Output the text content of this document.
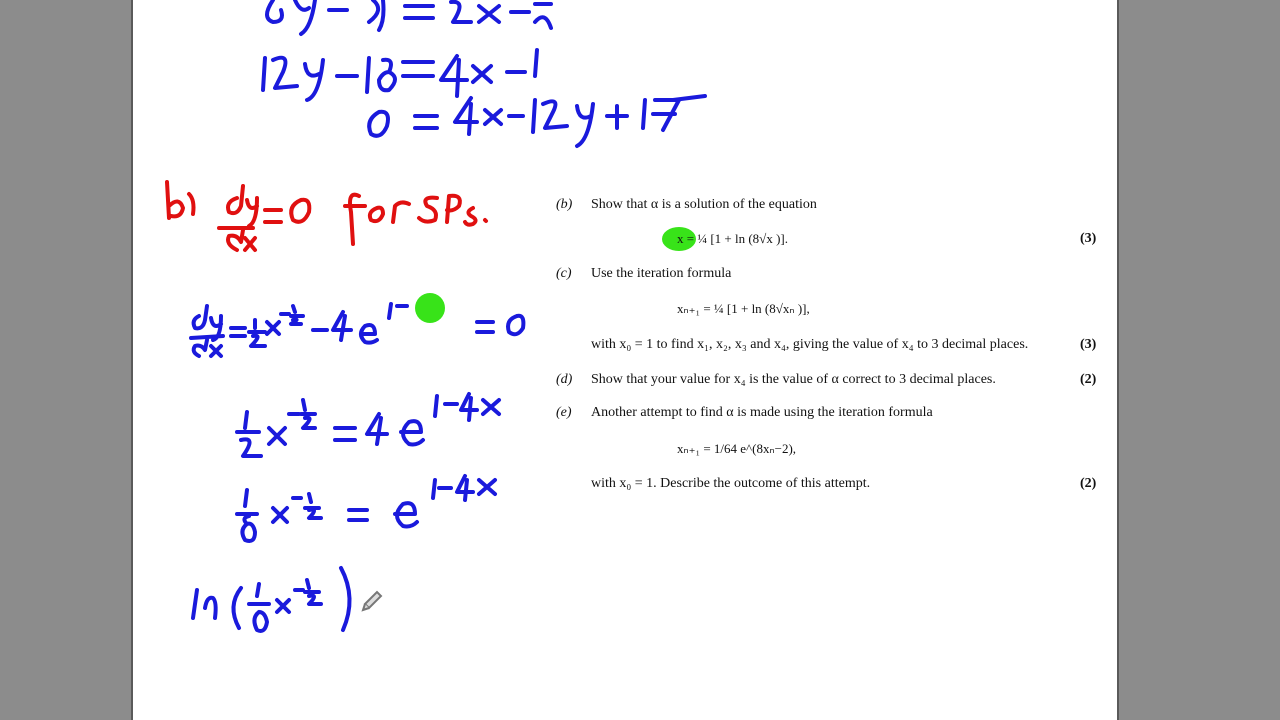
(b) Show that α is a solution of the equation
x = ¼ [1 + ln (8√x )].	(3)
(c) Use the iteration formula
xₙ₊₁ = ¼ [1 + ln (8√xₙ )],
with x₀ = 1 to find x₁, x₂, x₃ and x₄, giving the value of x₄ to 3 decimal places.	(3)
(d) Show that your value for x₄ is the value of α correct to 3 decimal places.	(2)
(e) Another attempt to find α is made using the iteration formula
xₙ₊₁ = 1/64 e^(8xₙ−2),
with x₀ = 1. Describe the outcome of this attempt.	(2)
